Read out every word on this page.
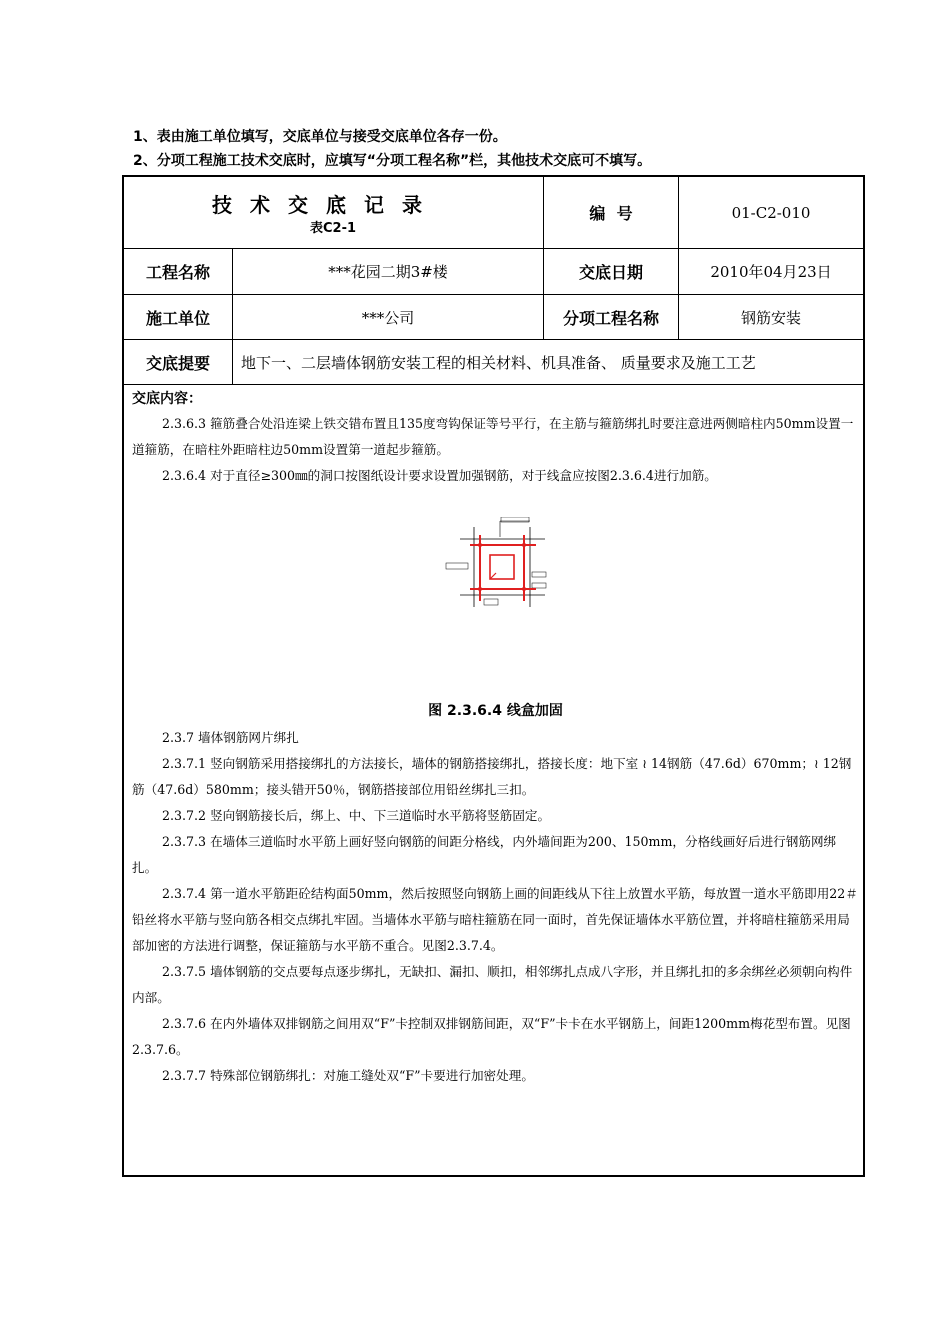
1、表由施工单位填写，交底单位与接受交底单位各存一份。
2、分项工程施工技术交底时，应填写“分项工程名称”栏，其他技术交底可不填写。
技术交底记录
表C2-1
编  号	01-C2-010
工程名称	***花园二期3#楼	交底日期	2010年04月23日
施工单位	***公司	分项工程名称	钢筋安装
交底提要	地下一、二层墙体钢筋安装工程的相关材料、机具准备、 质量要求及施工工艺
交底内容：

2.3.6.3 箍筋叠合处沿连梁上铁交错布置且135度弯钩保证等号平行，在主筋与箍筋绑扎时要注意进两侧暗柱内50mm设置一道箍筋，在暗柱外距暗柱边50mm设置第一道起步箍筋。

2.3.6.4 对于直径≥300㎜的洞口按图纸设计要求设置加强钢筋，对于线盒应按图2.3.6.4进行加筋。

图 2.3.6.4 线盒加固

2.3.7 墙体钢筋网片绑扎

2.3.7.1 竖向钢筋采用搭接绑扎的方法接长，墙体的钢筋搭接绑扎，搭接长度：地下室 ≀ 14钢筋（47.6d）670mm；≀ 12钢筋（47.6d）580mm；接头错开50％，钢筋搭接部位用铅丝绑扎三扣。

2.3.7.2 竖向钢筋接长后，绑上、中、下三道临时水平筋将竖筋固定。

2.3.7.3 在墙体三道临时水平筋上画好竖向钢筋的间距分格线，内外墙间距为200、150mm，分格线画好后进行钢筋网绑扎。

2.3.7.4 第一道水平筋距砼结构面50mm，然后按照竖向钢筋上画的间距线从下往上放置水平筋，每放置一道水平筋即用22＃铅丝将水平筋与竖向筋各相交点绑扎牢固。当墙体水平筋与暗柱箍筋在同一面时，首先保证墙体水平筋位置，并将暗柱箍筋采用局部加密的方法进行调整，保证箍筋与水平筋不重合。见图2.3.7.4。

2.3.7.5 墙体钢筋的交点要每点逐步绑扎，无缺扣、漏扣、顺扣，相邻绑扎点成八字形，并且绑扎扣的多余绑丝必须朝向构件内部。

2.3.7.6 在内外墙体双排钢筋之间用双“F”卡控制双排钢筋间距，双“F”卡卡在水平钢筋上，间距1200mm梅花型布置。见图2.3.7.6。

2.3.7.7 特殊部位钢筋绑扎：对施工缝处双“F”卡要进行加密处理。
